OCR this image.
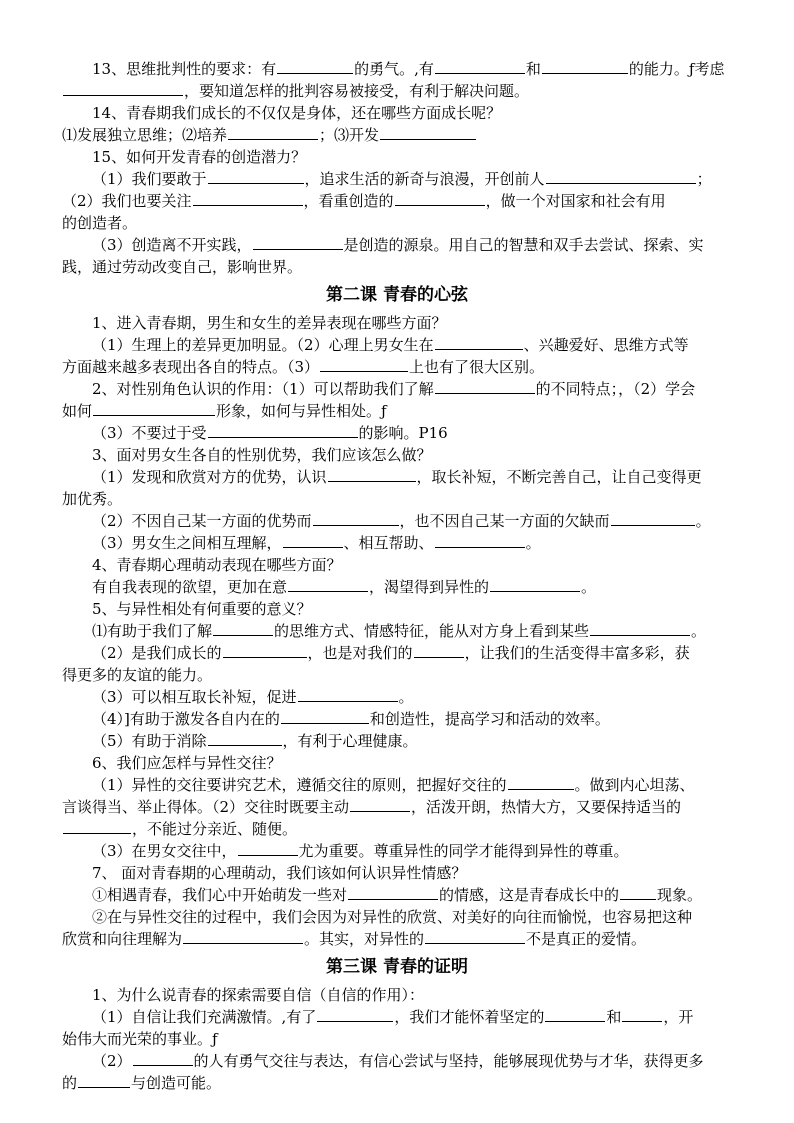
13、思维批判性的要求：有	的勇气。,有	和	的能力。ƒ考虑
，要知道怎样的批判容易被接受，有利于解决问题。
14、青春期我们成长的不仅仅是身体，还在哪些方面成长呢？
⑴发展独立思维；⑵培养	；⑶开发
15、如何开发青春的创造潜力？
（1）我们要敢于	，追求生活的新奇与浪漫，开创前人	；
（2）我们也要关注	，看重创造的	，做一个对国家和社会有用
的创造者。
（3）创造离不开实践，	是创造的源泉。用自己的智慧和双手去尝试、探索、实
践，通过劳动改变自己，影响世界。
第二课 青春的心弦
1、进入青春期，男生和女生的差异表现在哪些方面？
（1）生理上的差异更加明显。（2）心理上男女生在	、兴趣爱好、思维方式等
方面越来越多表现出各自的特点。（3）	上也有了很大区别。
2、对性别角色认识的作用：（1）可以帮助我们了解	的不同特点；，（2）学会
如何	形象，如何与异性相处。ƒ
（3）不要过于受	的影响。P16
3、面对男女生各自的性别优势，我们应该怎么做？
（1）发现和欣赏对方的优势，认识	，取长补短，不断完善自己，让自己变得更
加优秀。
（2）不因自己某一方面的优势而	，也不因自己某一方面的欠缺而	。
（3）男女生之间相互理解，	、相互帮助、	。
4、青春期心理萌动表现在哪些方面？
有自我表现的欲望，更加在意	，渴望得到异性的	。
5、与异性相处有何重要的意义？
⑴有助于我们了解	的思维方式、情感特征，能从对方身上看到某些	。
（2）是我们成长的	，也是对我们的	，让我们的生活变得丰富多彩，获
得更多的友谊的能力。
（3）可以相互取长补短，促进	。
（4）]有助于激发各自内在的	和创造性，提高学习和活动的效率。
（5）有助于消除	，有利于心理健康。
6、我们应怎样与异性交往？
（1）异性的交往要讲究艺术，遵循交往的原则，把握好交往的	。做到内心坦荡、
言谈得当、举止得体。（2）交往时既要主动	，活泼开朗，热情大方，又要保持适当的
，不能过分亲近、随便。
（3）在男女交往中，	尤为重要。尊重异性的同学才能得到异性的尊重。
7、 面对青春期的心理萌动，我们该如何认识异性情感？
①相遇青春，我们心中开始萌发一些对	的情感，这是青春成长中的	现象。
②在与异性交往的过程中，我们会因为对异性的欣赏、对美好的向往而愉悦，也容易把这种
欣赏和向往理解为	。其实，对异性的	不是真正的爱情。
第三课 青春的证明
1、为什么说青春的探索需要自信（自信的作用）：
（1）自信让我们充满激情。,有了	，我们才能怀着坚定的	和	，开
始伟大而光荣的事业。ƒ
（2）	的人有勇气交往与表达，有信心尝试与坚持，能够展现优势与才华，获得更多
的	与创造可能。
